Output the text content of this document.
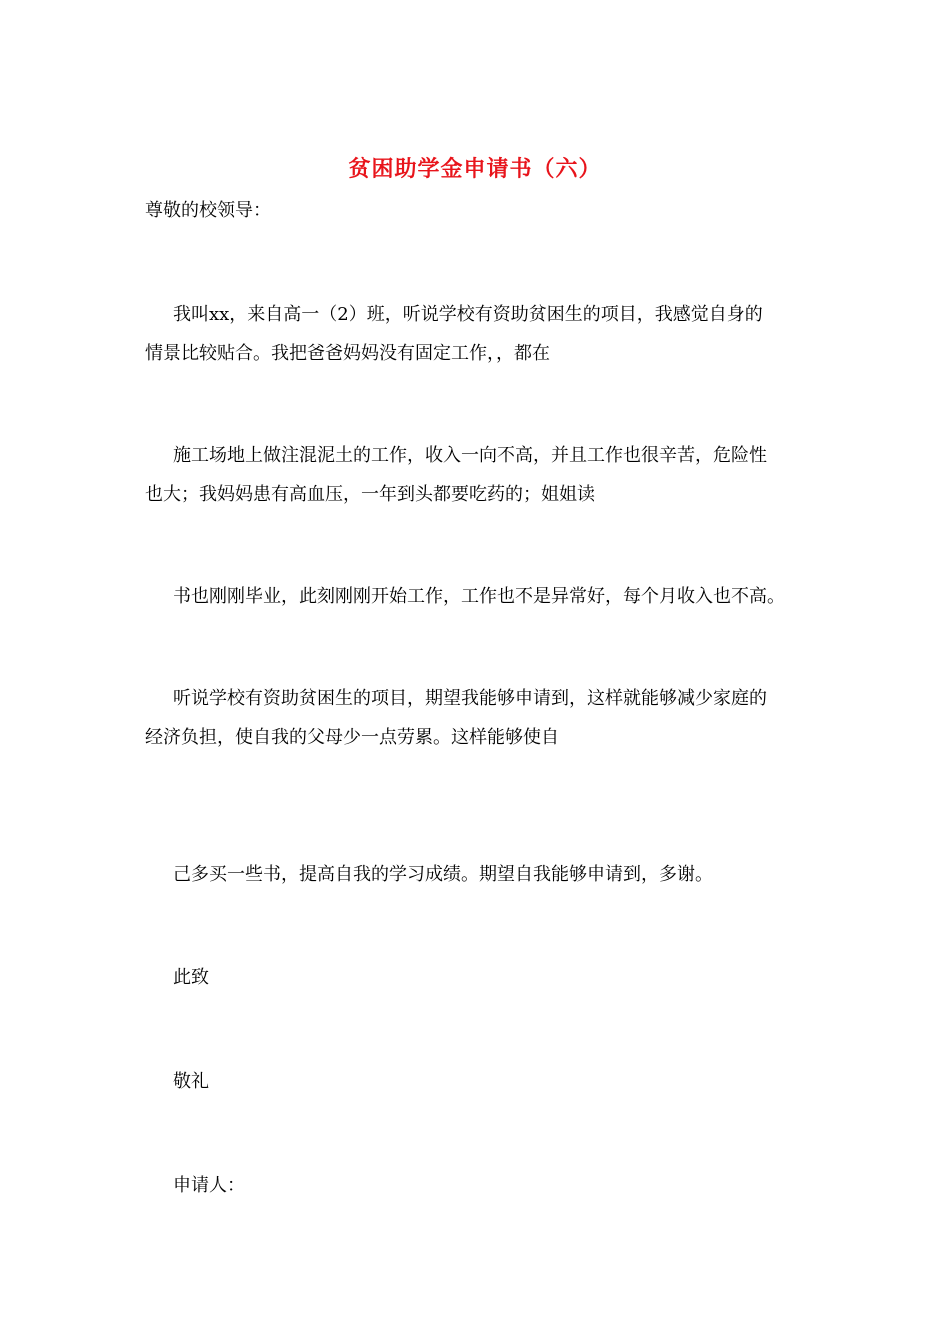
贫困助学金申请书（六）
尊敬的校领导：
我叫xx，来自高一（2）班，听说学校有资助贫困生的项目，我感觉自身的
情景比较贴合。我把爸爸妈妈没有固定工作，，都在
施工场地上做注混泥土的工作，收入一向不高，并且工作也很辛苦，危险性
也大；我妈妈患有高血压，一年到头都要吃药的；姐姐读
书也刚刚毕业，此刻刚刚开始工作，工作也不是异常好，每个月收入也不高。
听说学校有资助贫困生的项目，期望我能够申请到，这样就能够减少家庭的
经济负担，使自我的父母少一点劳累。这样能够使自
己多买一些书，提高自我的学习成绩。期望自我能够申请到，多谢。
此致
敬礼
申请人：
